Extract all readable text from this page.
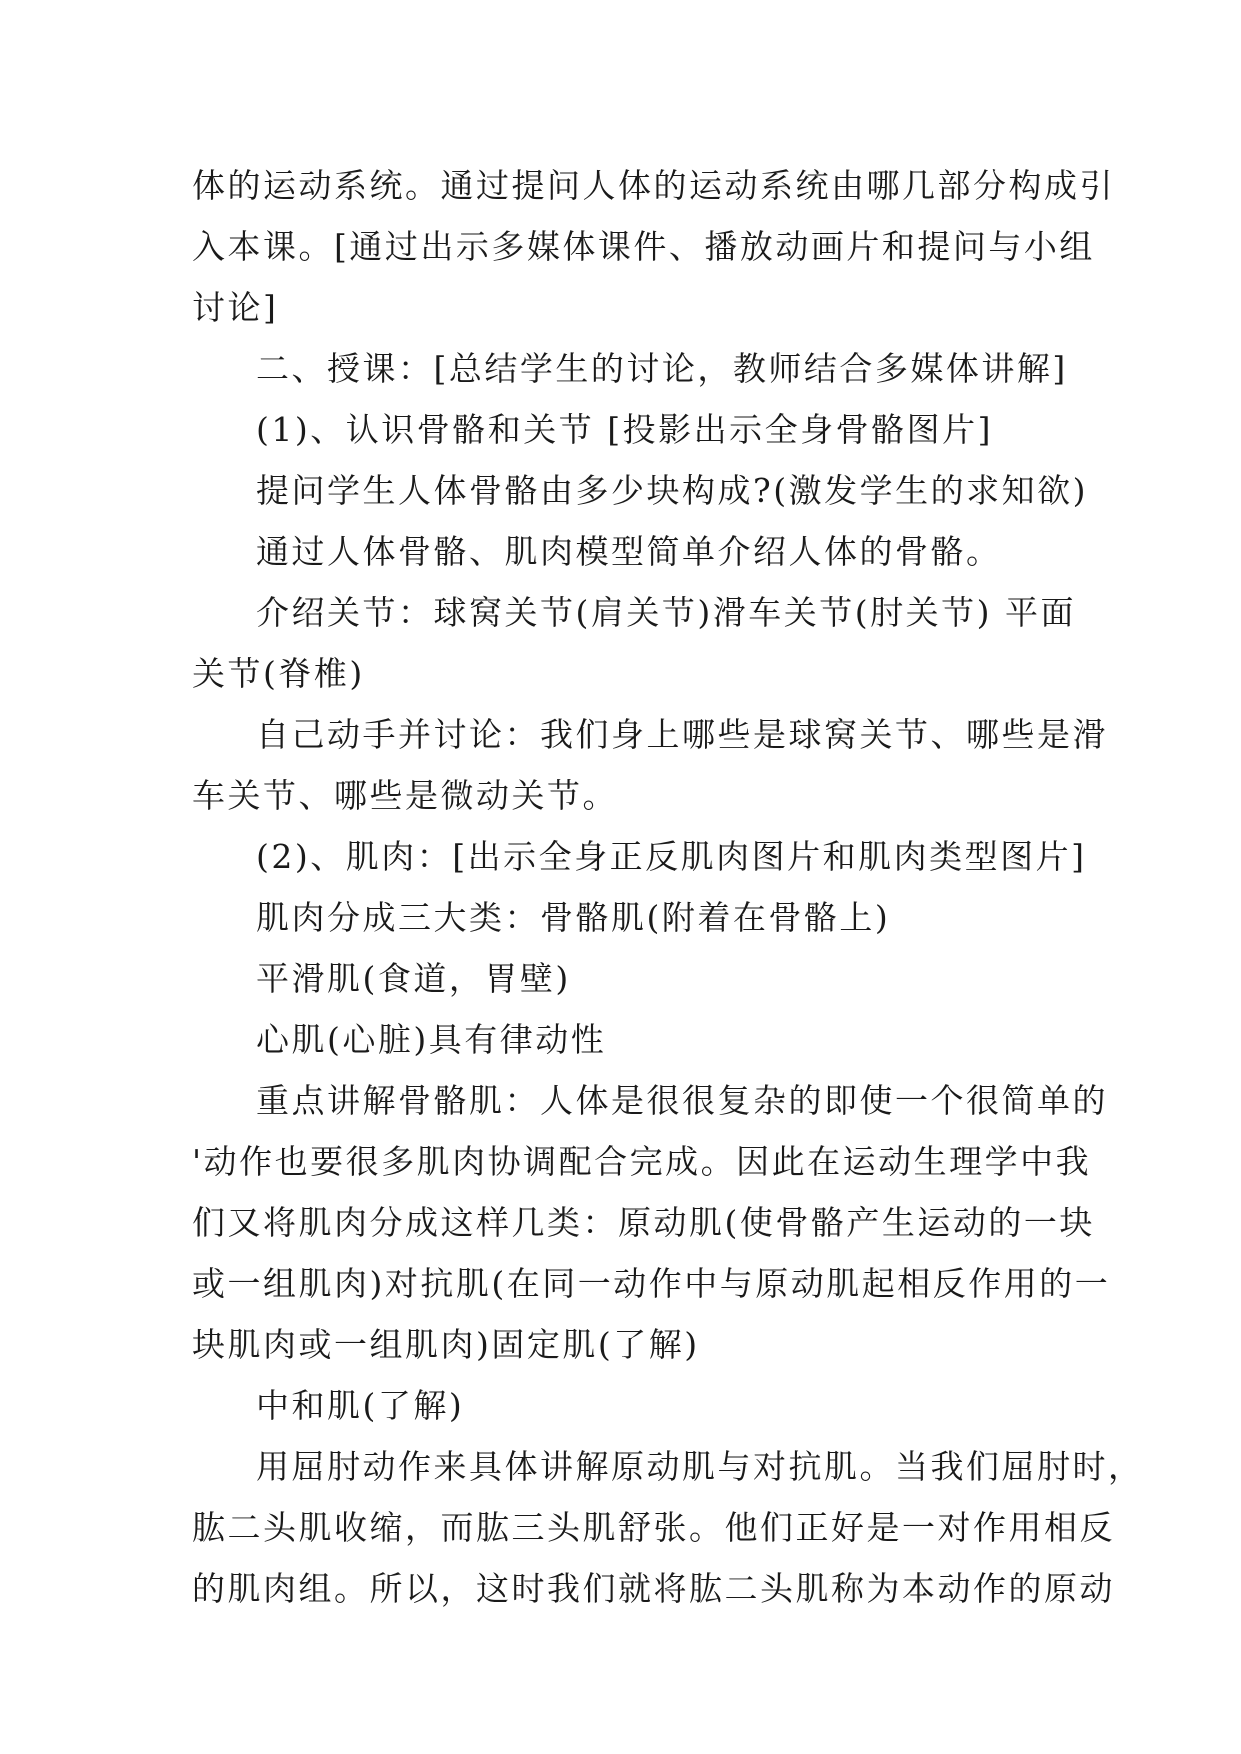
体的运动系统。通过提问人体的运动系统由哪几部分构成引
入本课。[通过出示多媒体课件、播放动画片和提问与小组
讨论]
二、授课：[总结学生的讨论，教师结合多媒体讲解]
(1)、认识骨骼和关节 [投影出示全身骨骼图片]
提问学生人体骨骼由多少块构成?(激发学生的求知欲)
通过人体骨骼、肌肉模型简单介绍人体的骨骼。
介绍关节：球窝关节(肩关节)滑车关节(肘关节) 平面
关节(脊椎)
自己动手并讨论：我们身上哪些是球窝关节、哪些是滑
车关节、哪些是微动关节。
(2)、肌肉：[出示全身正反肌肉图片和肌肉类型图片]
肌肉分成三大类：骨骼肌(附着在骨骼上)
平滑肌(食道，胃壁)
心肌(心脏)具有律动性
重点讲解骨骼肌：人体是很很复杂的即使一个很简单的
'动作也要很多肌肉协调配合完成。因此在运动生理学中我
们又将肌肉分成这样几类：原动肌(使骨骼产生运动的一块
或一组肌肉)对抗肌(在同一动作中与原动肌起相反作用的一
块肌肉或一组肌肉)固定肌(了解)
中和肌(了解)
用屈肘动作来具体讲解原动肌与对抗肌。当我们屈肘时，
肱二头肌收缩，而肱三头肌舒张。他们正好是一对作用相反
的肌肉组。所以，这时我们就将肱二头肌称为本动作的原动
